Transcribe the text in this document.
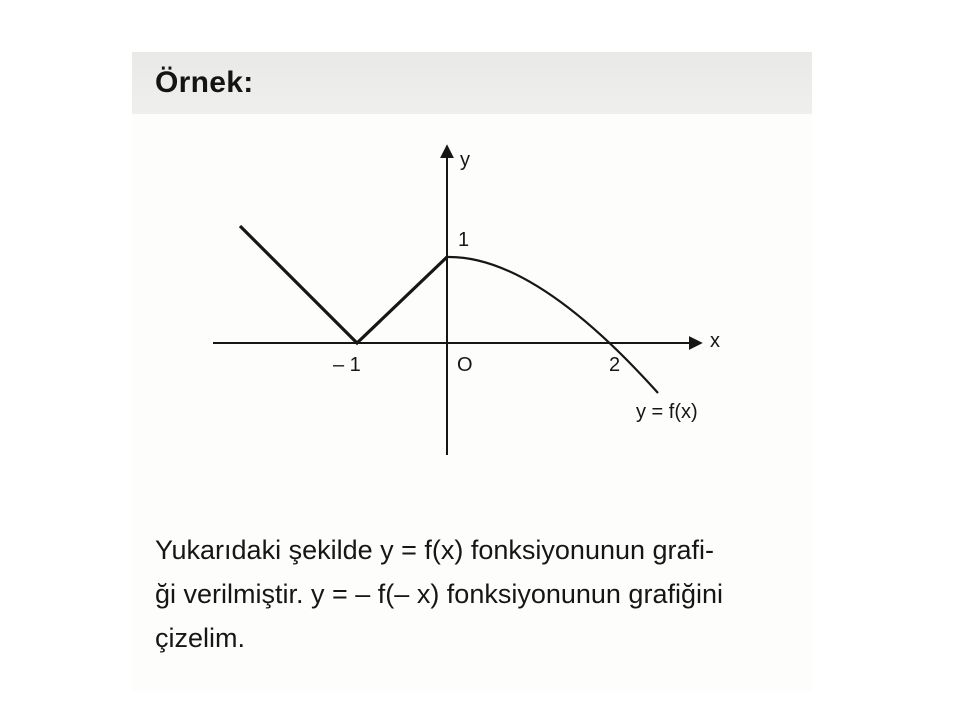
Örnek:
y
x
1
O
– 1	2
y = f(x)
Yukarıdaki şekilde y = f(x) fonksiyonunun grafi-
ği verilmiştir. y = – f(– x) fonksiyonunun grafiğini
çizelim.
